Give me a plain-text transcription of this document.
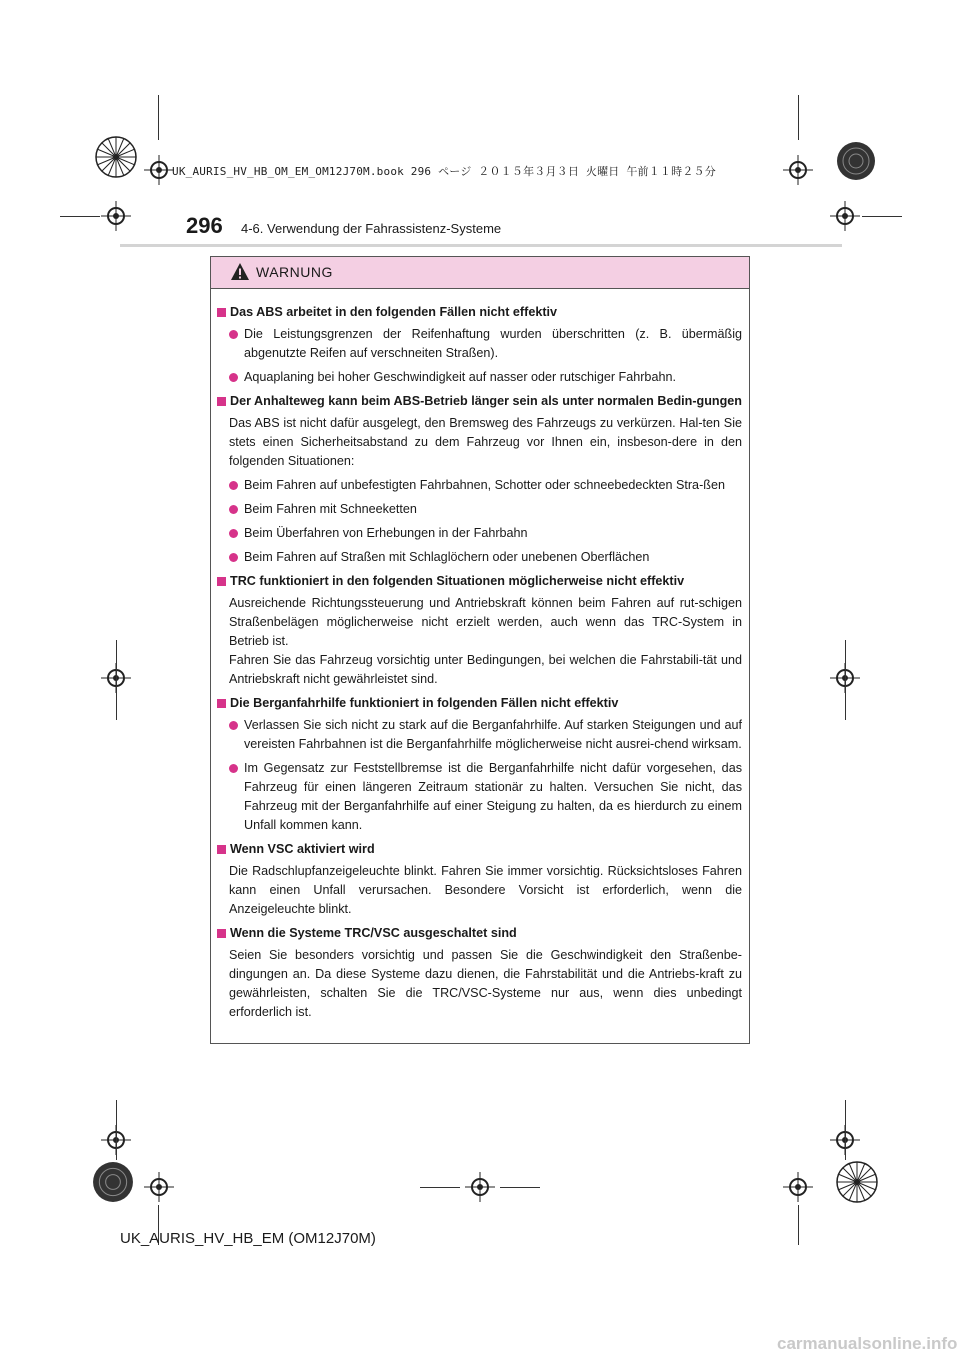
UK_AURIS_HV_HB_OM_EM_OM12J70M.book 296 ページ ２０１５年３月３日 火曜日 午前１１時２５分
296 4-6. Verwendung der Fahrassistenz-Systeme
WARNUNG
Das ABS arbeitet in den folgenden Fällen nicht effektiv
Die Leistungsgrenzen der Reifenhaftung wurden überschritten (z. B. übermäßig abgenutzte Reifen auf verschneiten Straßen).
Aquaplaning bei hoher Geschwindigkeit auf nasser oder rutschiger Fahrbahn.
Der Anhalteweg kann beim ABS-Betrieb länger sein als unter normalen Bedin-gungen
Das ABS ist nicht dafür ausgelegt, den Bremsweg des Fahrzeugs zu verkürzen. Hal-ten Sie stets einen Sicherheitsabstand zu dem Fahrzeug vor Ihnen ein, insbeson-dere in den folgenden Situationen:
Beim Fahren auf unbefestigten Fahrbahnen, Schotter oder schneebedeckten Stra-ßen
Beim Fahren mit Schneeketten
Beim Überfahren von Erhebungen in der Fahrbahn
Beim Fahren auf Straßen mit Schlaglöchern oder unebenen Oberflächen
TRC funktioniert in den folgenden Situationen möglicherweise nicht effektiv
Ausreichende Richtungssteuerung und Antriebskraft können beim Fahren auf rut-schigen Straßenbelägen möglicherweise nicht erzielt werden, auch wenn das TRC-System in Betrieb ist.
Fahren Sie das Fahrzeug vorsichtig unter Bedingungen, bei welchen die Fahrstabili-tät und Antriebskraft nicht gewährleistet sind.
Die Berganfahrhilfe funktioniert in folgenden Fällen nicht effektiv
Verlassen Sie sich nicht zu stark auf die Berganfahrhilfe. Auf starken Steigungen und auf vereisten Fahrbahnen ist die Berganfahrhilfe möglicherweise nicht ausrei-chend wirksam.
Im Gegensatz zur Feststellbremse ist die Berganfahrhilfe nicht dafür vorgesehen, das Fahrzeug für einen längeren Zeitraum stationär zu halten. Versuchen Sie nicht, das Fahrzeug mit der Berganfahrhilfe auf einer Steigung zu halten, da es hierdurch zu einem Unfall kommen kann.
Wenn VSC aktiviert wird
Die Radschlupfanzeigeleuchte blinkt. Fahren Sie immer vorsichtig. Rücksichtsloses Fahren kann einen Unfall verursachen. Besondere Vorsicht ist erforderlich, wenn die Anzeigeleuchte blinkt.
Wenn die Systeme TRC/VSC ausgeschaltet sind
Seien Sie besonders vorsichtig und passen Sie die Geschwindigkeit den Straßenbe-dingungen an. Da diese Systeme dazu dienen, die Fahrstabilität und die Antriebs-kraft zu gewährleisten, schalten Sie die TRC/VSC-Systeme nur aus, wenn dies unbedingt erforderlich ist.
UK_AURIS_HV_HB_EM (OM12J70M)
carmanualsonline.info
